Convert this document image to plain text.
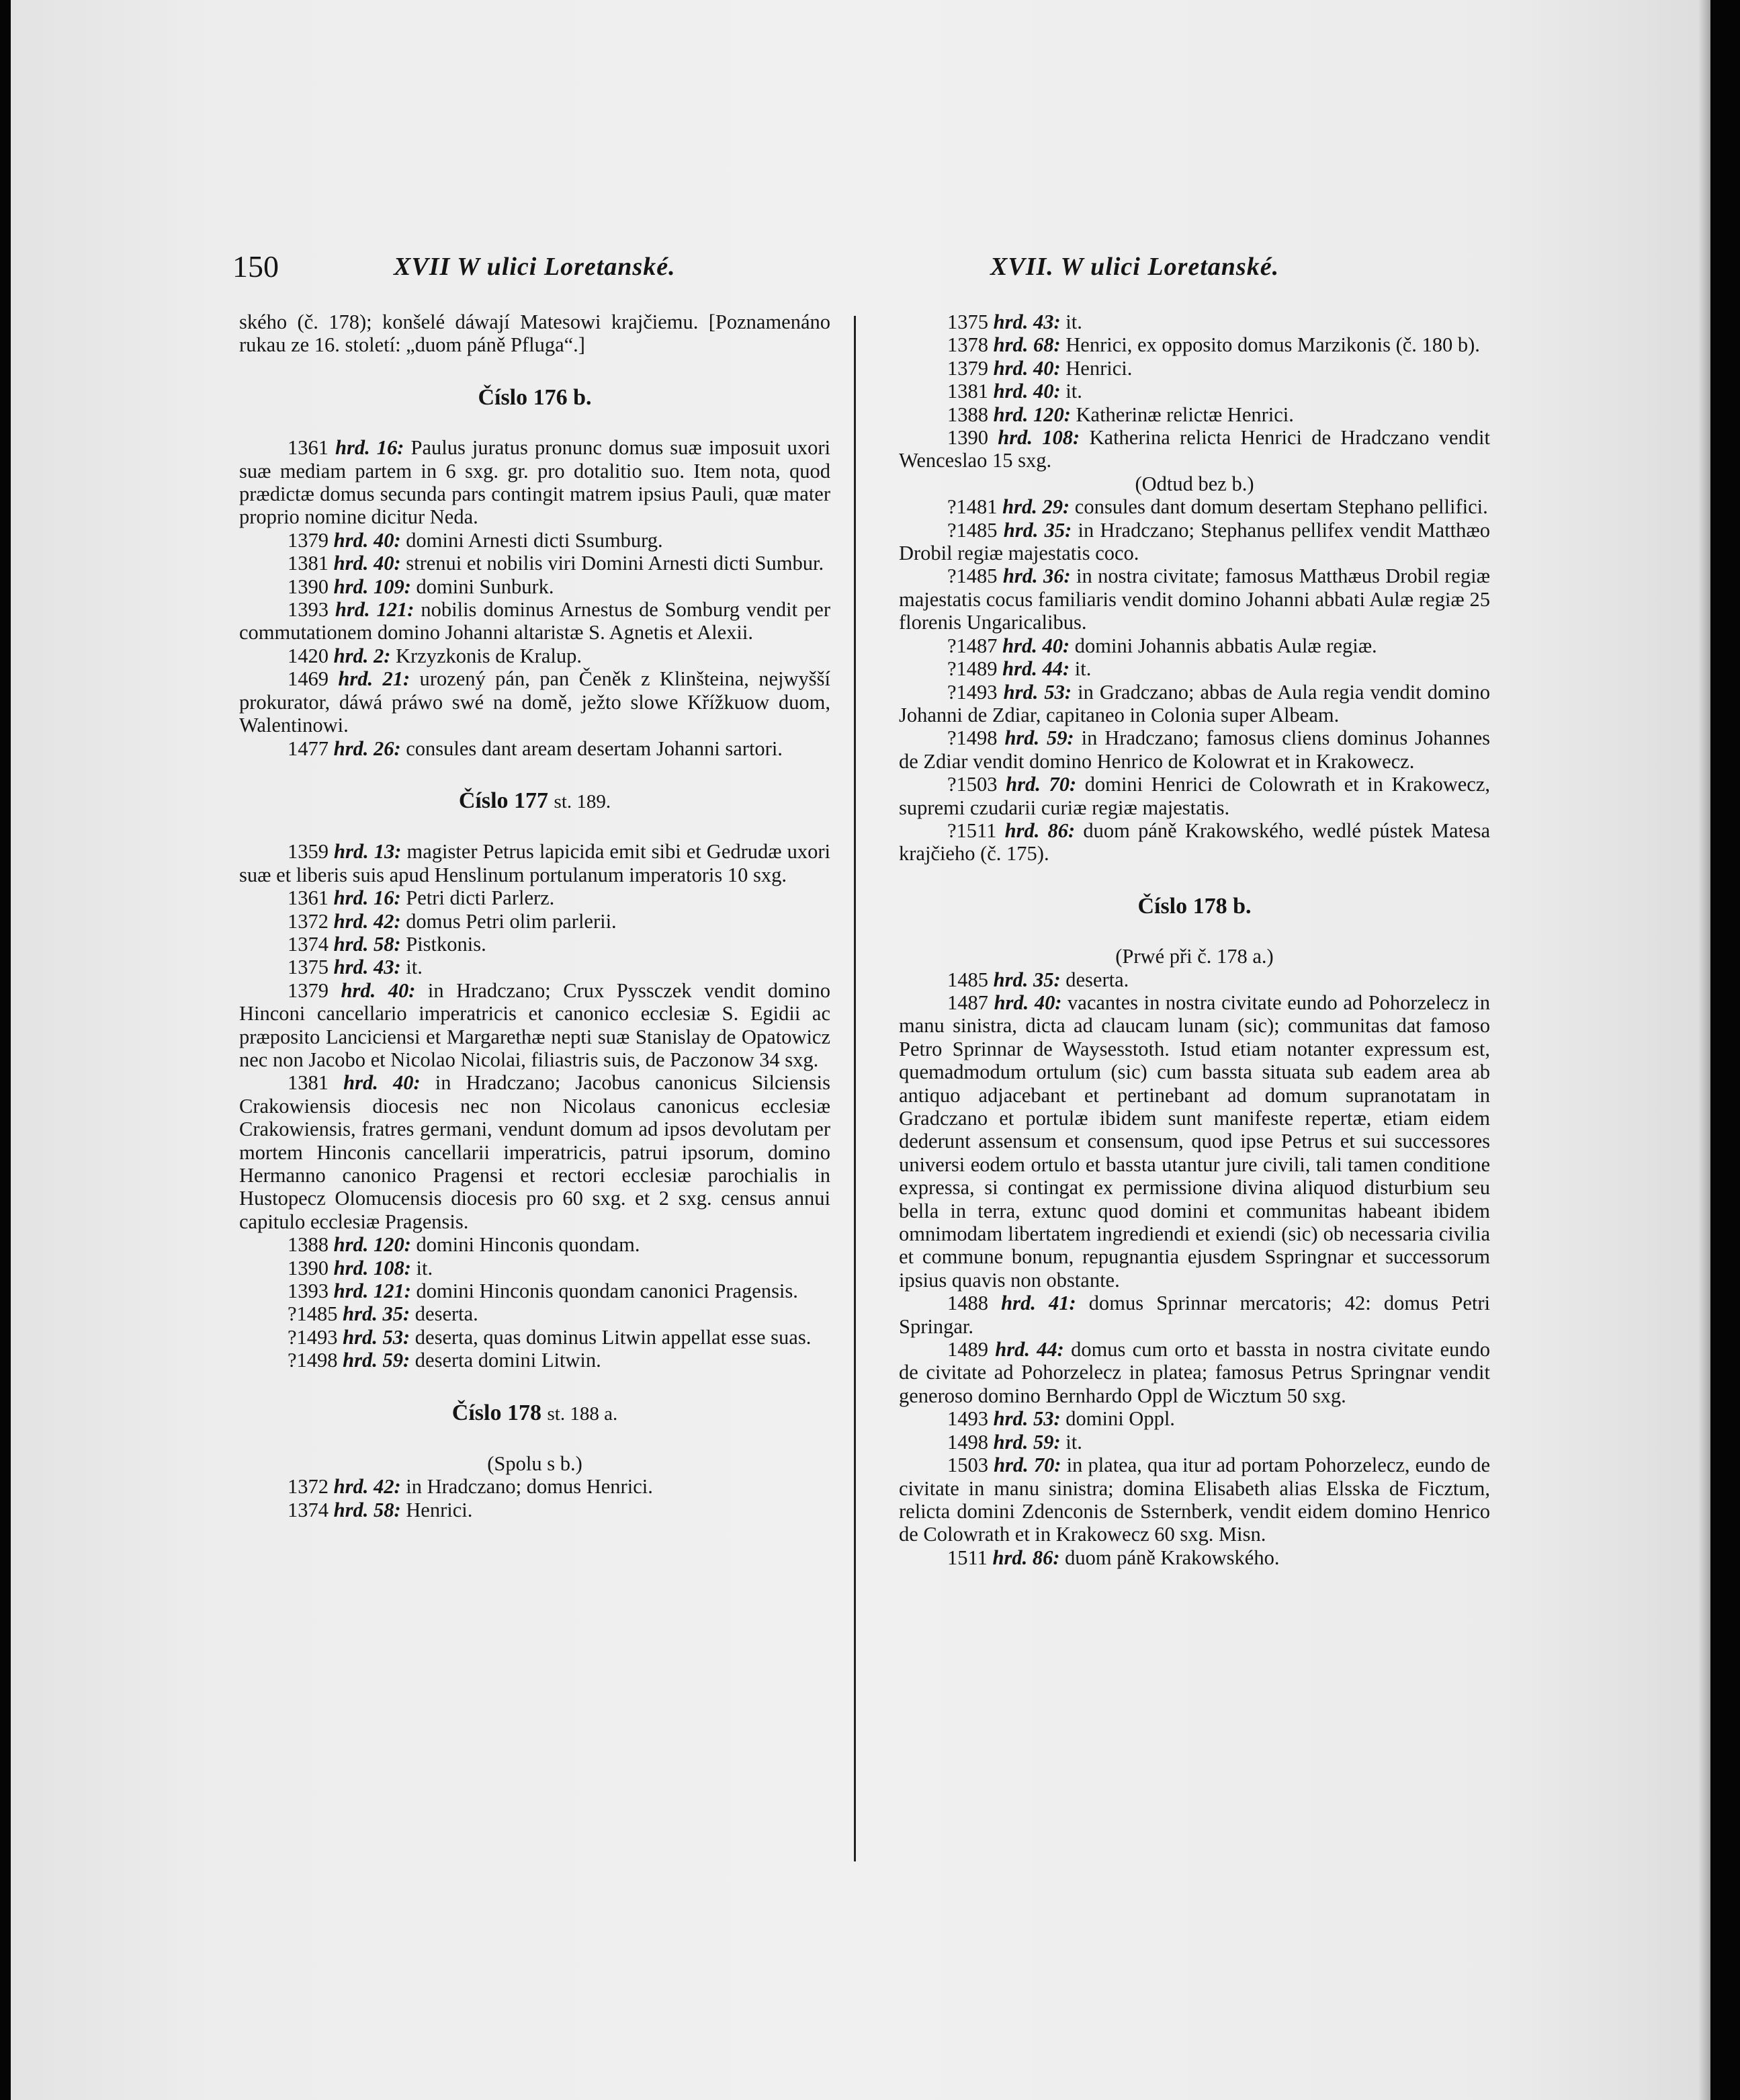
150	XVII W ulici Loretanské.	XVII. W ulici Loretanské.

ského (č. 178); konšelé dáwají Matesowi krajčiemu. [Poznamenáno rukau ze 16. století: „duom páně Pfluga“.]

Číslo 176 b.

1361 hrd. 16: Paulus juratus pronunc domus suæ imposuit uxori suæ mediam partem in 6 sxg. gr. pro dotalitio suo. Item nota, quod prædictæ domus secunda pars contingit matrem ipsius Pauli, quæ mater proprio nomine dicitur Neda.

1379 hrd. 40: domini Arnesti dicti Ssumburg.

1381 hrd. 40: strenui et nobilis viri Domini Arnesti dicti Sumbur.

1390 hrd. 109: domini Sunburk.

1393 hrd. 121: nobilis dominus Arnestus de Somburg vendit per commutationem domino Johanni altaristæ S. Agnetis et Alexii.

1420 hrd. 2: Krzyzkonis de Kralup.

1469 hrd. 21: urozený pán, pan Čeněk z Klinšteina, nejwyšší prokurator, dáwá práwo swé na domě, ježto slowe Křížkuow duom, Walentinowi.

1477 hrd. 26: consules dant aream desertam Johanni sartori.

Číslo 177 st. 189.

1359 hrd. 13: magister Petrus lapicida emit sibi et Gedrudæ uxori suæ et liberis suis apud Henslinum portulanum imperatoris 10 sxg.

1361 hrd. 16: Petri dicti Parlerz.

1372 hrd. 42: domus Petri olim parlerii.

1374 hrd. 58: Pistkonis.

1375 hrd. 43: it.

1379 hrd. 40: in Hradczano; Crux Pyssczek vendit domino Hinconi cancellario imperatricis et canonico ecclesiæ S. Egidii ac præposito Lanciciensi et Margarethæ nepti suæ Stanislay de Opatowicz nec non Jacobo et Nicolao Nicolai, filiastris suis, de Paczonow 34 sxg.

1381 hrd. 40: in Hradczano; Jacobus canonicus Silciensis Crakowiensis diocesis nec non Nicolaus canonicus ecclesiæ Crakowiensis, fratres germani, vendunt domum ad ipsos devolutam per mortem Hinconis cancellarii imperatricis, patrui ipsorum, domino Hermanno canonico Pragensi et rectori ecclesiæ parochialis in Hustopecz Olomucensis diocesis pro 60 sxg. et 2 sxg. census annui capitulo ecclesiæ Pragensis.

1388 hrd. 120: domini Hinconis quondam.

1390 hrd. 108: it.

1393 hrd. 121: domini Hinconis quondam canonici Pragensis.

?1485 hrd. 35: deserta.

?1493 hrd. 53: deserta, quas dominus Litwin appellat esse suas.

?1498 hrd. 59: deserta domini Litwin.

Číslo 178 st. 188 a.

(Spolu s b.)

1372 hrd. 42: in Hradczano; domus Henrici.

1374 hrd. 58: Henrici.

1375 hrd. 43: it.

1378 hrd. 68: Henrici, ex opposito domus Marzikonis (č. 180 b).

1379 hrd. 40: Henrici.

1381 hrd. 40: it.

1388 hrd. 120: Katherinæ relictæ Henrici.

1390 hrd. 108: Katherina relicta Henrici de Hradczano vendit Wenceslao 15 sxg.

(Odtud bez b.)

?1481 hrd. 29: consules dant domum desertam Stephano pellifici.

?1485 hrd. 35: in Hradczano; Stephanus pellifex vendit Matthæo Drobil regiæ majestatis coco.

?1485 hrd. 36: in nostra civitate; famosus Matthæus Drobil regiæ majestatis cocus familiaris vendit domino Johanni abbati Aulæ regiæ 25 florenis Ungaricalibus.

?1487 hrd. 40: domini Johannis abbatis Aulæ regiæ.

?1489 hrd. 44: it.

?1493 hrd. 53: in Gradczano; abbas de Aula regia vendit domino Johanni de Zdiar, capitaneo in Colonia super Albeam.

?1498 hrd. 59: in Hradczano; famosus cliens dominus Johannes de Zdiar vendit domino Henrico de Kolowrat et in Krakowecz.

?1503 hrd. 70: domini Henrici de Colowrath et in Krakowecz, supremi czudarii curiæ regiæ majestatis.

?1511 hrd. 86: duom páně Krakowského, wedlé pústek Matesa krajčieho (č. 175).

Číslo 178 b.

(Prwé při č. 178 a.)

1485 hrd. 35: deserta.

1487 hrd. 40: vacantes in nostra civitate eundo ad Pohorzelecz in manu sinistra, dicta ad claucam lunam (sic); communitas dat famoso Petro Sprinnar de Waysesstoth. Istud etiam notanter expressum est, quemadmodum ortulum (sic) cum bassta situata sub eadem area ab antiquo adjacebant et pertinebant ad domum supranotatam in Gradczano et portulæ ibidem sunt manifeste repertæ, etiam eidem dederunt assensum et consensum, quod ipse Petrus et sui successores universi eodem ortulo et bassta utantur jure civili, tali tamen conditione expressa, si contingat ex permissione divina aliquod disturbium seu bella in terra, extunc quod domini et communitas habeant ibidem omnimodam libertatem ingrediendi et exiendi (sic) ob necessaria civilia et commune bonum, repugnantia ejusdem Sspringnar et successorum ipsius quavis non obstante.

1488 hrd. 41: domus Sprinnar mercatoris; 42: domus Petri Springar.

1489 hrd. 44: domus cum orto et bassta in nostra civitate eundo de civitate ad Pohorzelecz in platea; famosus Petrus Springnar vendit generoso domino Bernhardo Oppl de Wicztum 50 sxg.

1493 hrd. 53: domini Oppl.

1498 hrd. 59: it.

1503 hrd. 70: in platea, qua itur ad portam Pohorzelecz, eundo de civitate in manu sinistra; domina Elisabeth alias Elsska de Ficztum, relicta domini Zdenconis de Ssternberk, vendit eidem domino Henrico de Colowrath et in Krakowecz 60 sxg. Misn.

1511 hrd. 86: duom páně Krakowského.
